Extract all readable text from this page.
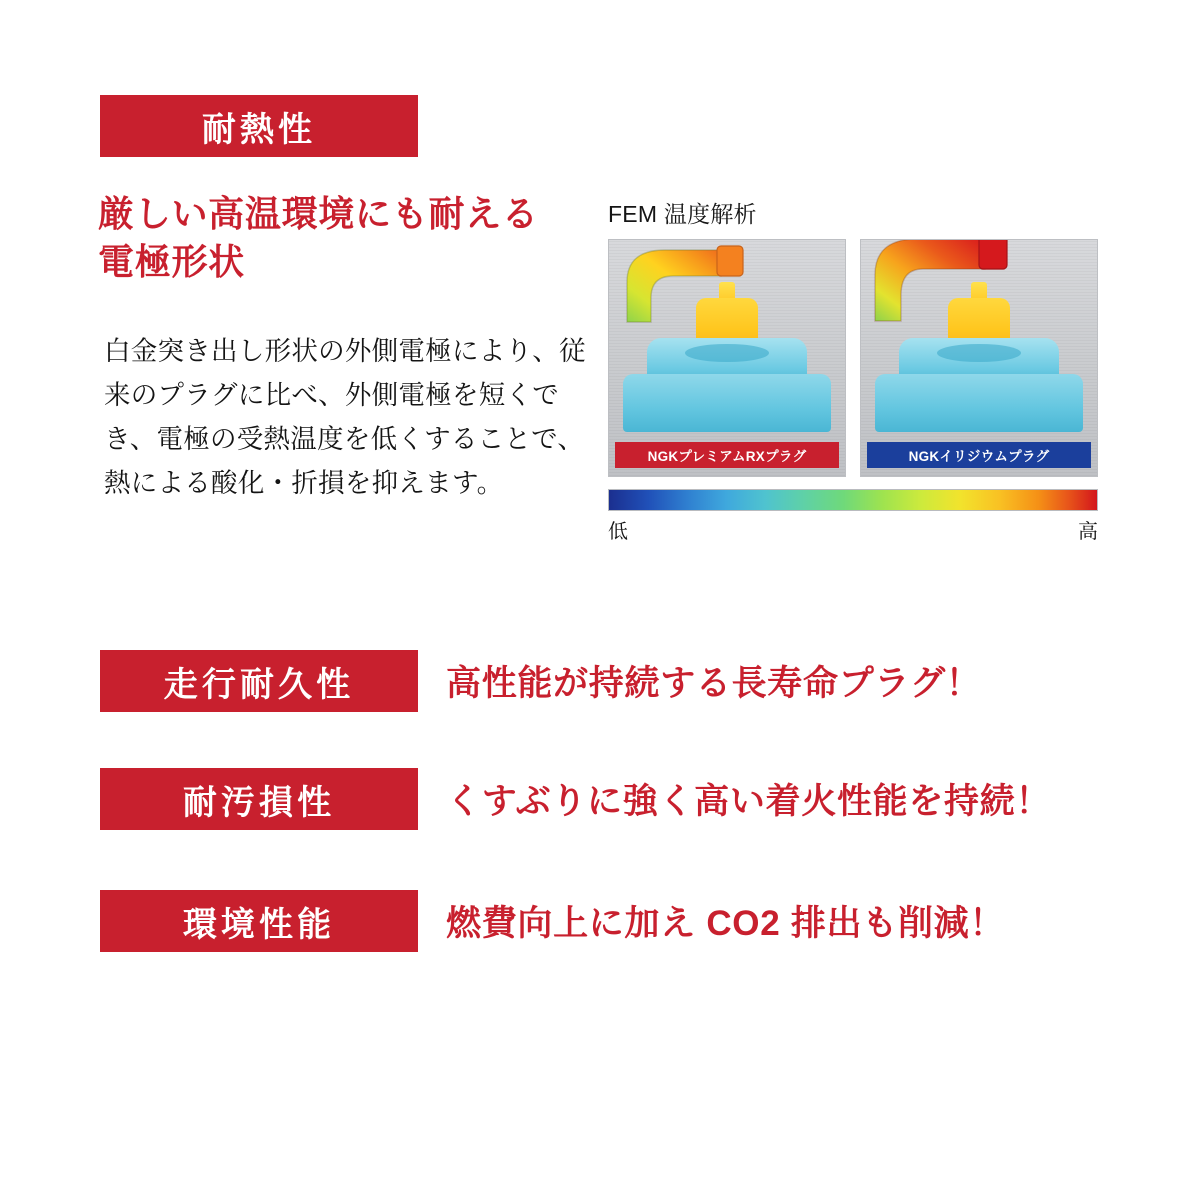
耐熱性
厳しい高温環境にも耐える
電極形状
白金突き出し形状の外側電極により、従来のプラグに比べ、外側電極を短くでき、電極の受熱温度を低くすることで、熱による酸化・折損を抑えます。
FEM 温度解析
NGKプレミアムRXプラグ	NGKイリジウムプラグ
低	高
走行耐久性	高性能が持続する長寿命プラグ！
耐汚損性	くすぶりに強く高い着火性能を持続！
環境性能	燃費向上に加え CO2 排出も削減！
